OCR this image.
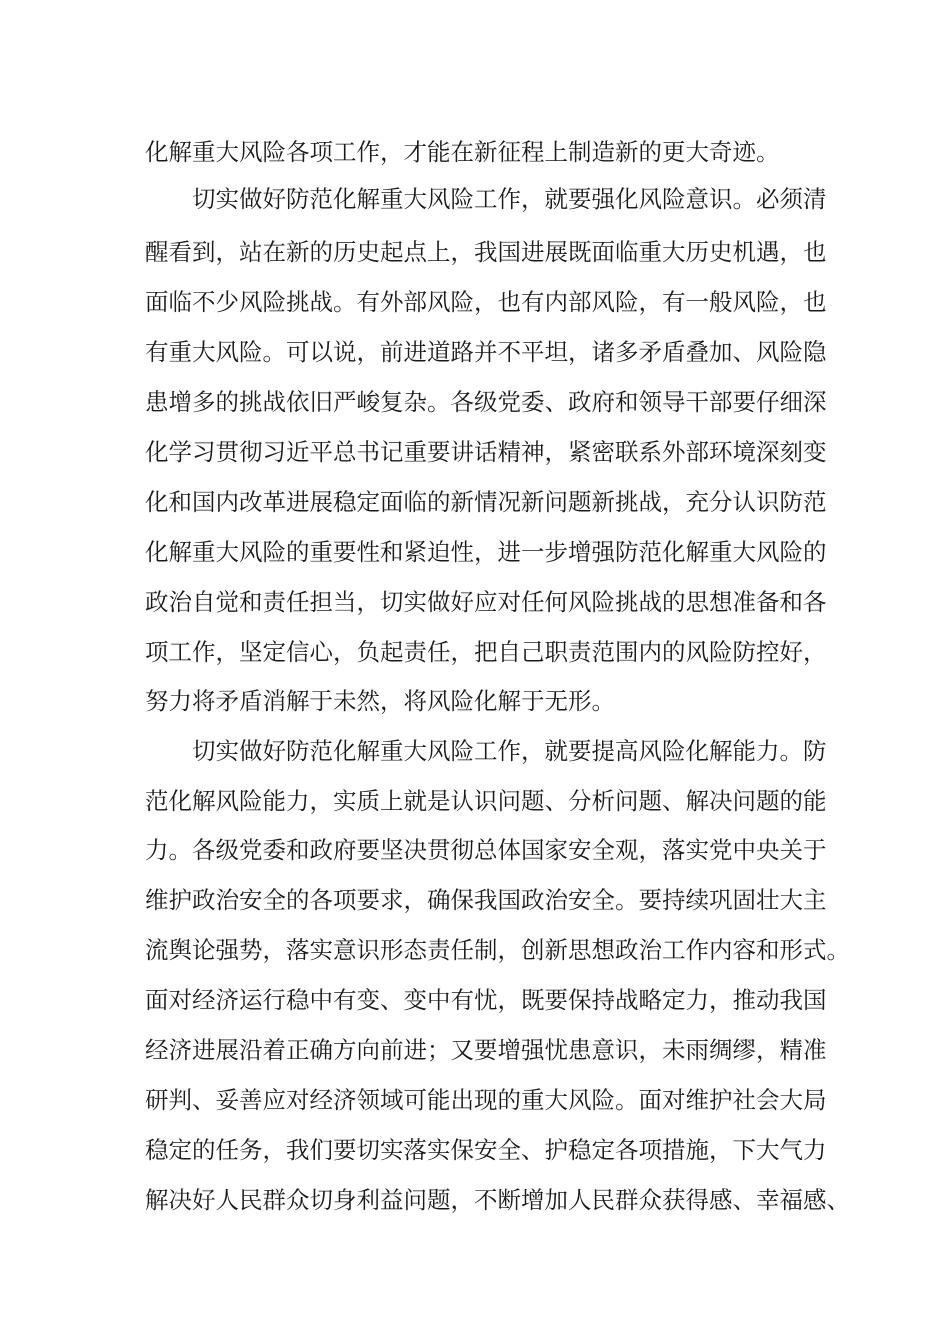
化解重大风险各项工作，才能在新征程上制造新的更大奇迹。
切实做好防范化解重大风险工作，就要强化风险意识。必须清
醒看到，站在新的历史起点上，我国进展既面临重大历史机遇，也
面临不少风险挑战。有外部风险，也有内部风险，有一般风险，也
有重大风险。可以说，前进道路并不平坦，诸多矛盾叠加、风险隐
患增多的挑战依旧严峻复杂。各级党委、政府和领导干部要仔细深
化学习贯彻习近平总书记重要讲话精神，紧密联系外部环境深刻变
化和国内改革进展稳定面临的新情况新问题新挑战，充分认识防范
化解重大风险的重要性和紧迫性，进一步增强防范化解重大风险的
政治自觉和责任担当，切实做好应对任何风险挑战的思想准备和各
项工作，坚定信心，负起责任，把自己职责范围内的风险防控好，
努力将矛盾消解于未然，将风险化解于无形。
切实做好防范化解重大风险工作，就要提高风险化解能力。防
范化解风险能力，实质上就是认识问题、分析问题、解决问题的能
力。各级党委和政府要坚决贯彻总体国家安全观，落实党中央关于
维护政治安全的各项要求，确保我国政治安全。要持续巩固壮大主
流舆论强势，落实意识形态责任制，创新思想政治工作内容和形式。
面对经济运行稳中有变、变中有忧，既要保持战略定力，推动我国
经济进展沿着正确方向前进；又要增强忧患意识，未雨绸缪，精准
研判、妥善应对经济领域可能出现的重大风险。面对维护社会大局
稳定的任务，我们要切实落实保安全、护稳定各项措施，下大气力
解决好人民群众切身利益问题，不断增加人民群众获得感、幸福感、
